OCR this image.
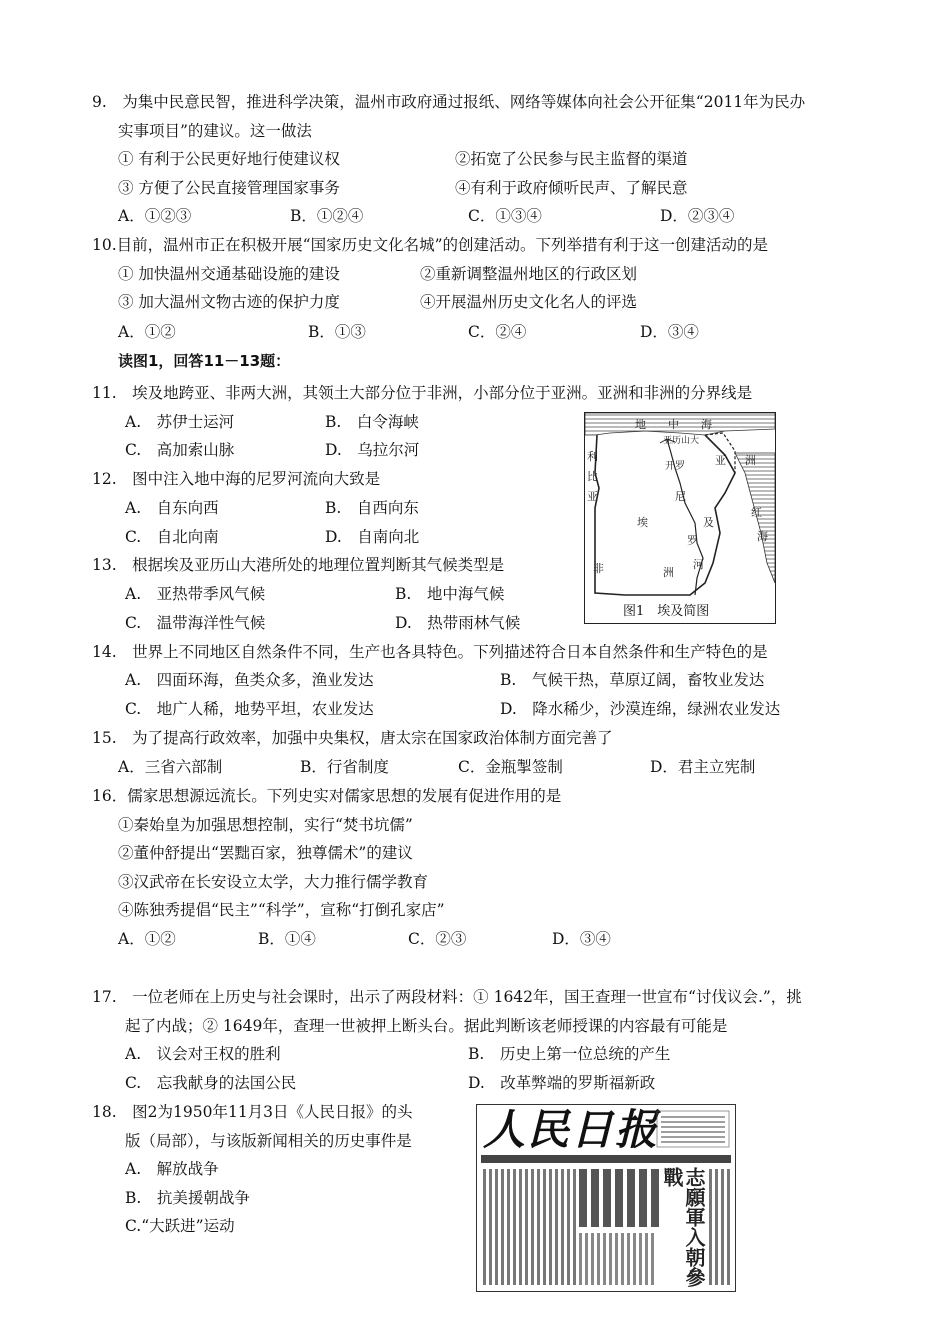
9.　为集中民意民智，推进科学决策，温州市政府通过报纸、网络等媒体向社会公开征集“2011年为民办
实事项目”的建议。这一做法
① 有利于公民更好地行使建议权	②拓宽了公民参与民主监督的渠道
③ 方便了公民直接管理国家事务	④有利于政府倾听民声、了解民意
A．①②③	B．①②④	C．①③④	D．②③④
10.目前，温州市正在积极开展“国家历史文化名城”的创建活动。下列举措有利于这一创建活动的是
① 加快温州交通基础设施的建设	②重新调整温州地区的行政区划
③ 加大温州文物古迹的保护力度	④开展温州历史文化名人的评选
A．①②	B．①③	C．②④	D．③④
读图1，回答11－13题：
11.　埃及地跨亚、非两大洲，其领土大部分位于非洲，小部分位于亚洲。亚洲和非洲的分界线是
A.　苏伊士运河	B.　白令海峡
C.　高加索山脉	D.　乌拉尔河
12.　图中注入地中海的尼罗河流向大致是
A.　自东向西	B.　自西向东
C.　自北向南	D.　自南向北
13.　根据埃及亚历山大港所处的地理位置判断其气候类型是
A.　亚热带季风气候	B.　地中海气候
C.　温带海洋性气候	D.　热带雨林气候
地　　中　　海
亚历山大
利
比
亚
开罗	亚 洲
尼
罗
河
埃	及
非	洲
红
海
图1　埃及简图
14.　世界上不同地区自然条件不同，生产也各具特色。下列描述符合日本自然条件和生产特色的是
A.　四面环海，鱼类众多，渔业发达	B.　气候干热，草原辽阔，畜牧业发达
C.　地广人稀，地势平坦，农业发达	D.　降水稀少，沙漠连绵，绿洲农业发达
15.　为了提高行政效率，加强中央集权，唐太宗在国家政治体制方面完善了
A．三省六部制	B．行省制度	C．金瓶掣签制	D．君主立宪制
16．儒家思想源远流长。下列史实对儒家思想的发展有促进作用的是
①秦始皇为加强思想控制，实行“焚书坑儒”
②董仲舒提出“罢黜百家，独尊儒术”的建议
③汉武帝在长安设立太学，大力推行儒学教育
④陈独秀提倡“民主”“科学”，宣称“打倒孔家店”
A．①②	B．①④	C．②③	D．③④
17.　一位老师在上历史与社会课时，出示了两段材料：① 1642年，国王查理一世宣布“讨伐议会.”，挑
起了内战；② 1649年，查理一世被押上断头台。据此判断该老师授课的内容最有可能是
A.　议会对王权的胜利	B.　历史上第一位总统的产生
C.　忘我献身的法国公民	D.　改革弊端的罗斯福新政
18.　图2为1950年11月3日《人民日报》的头
版（局部），与该版新闻相关的历史事件是
A.　解放战争
B.　抗美援朝战争
C.“大跃进”运动
人民日报
志願軍入朝參戰
